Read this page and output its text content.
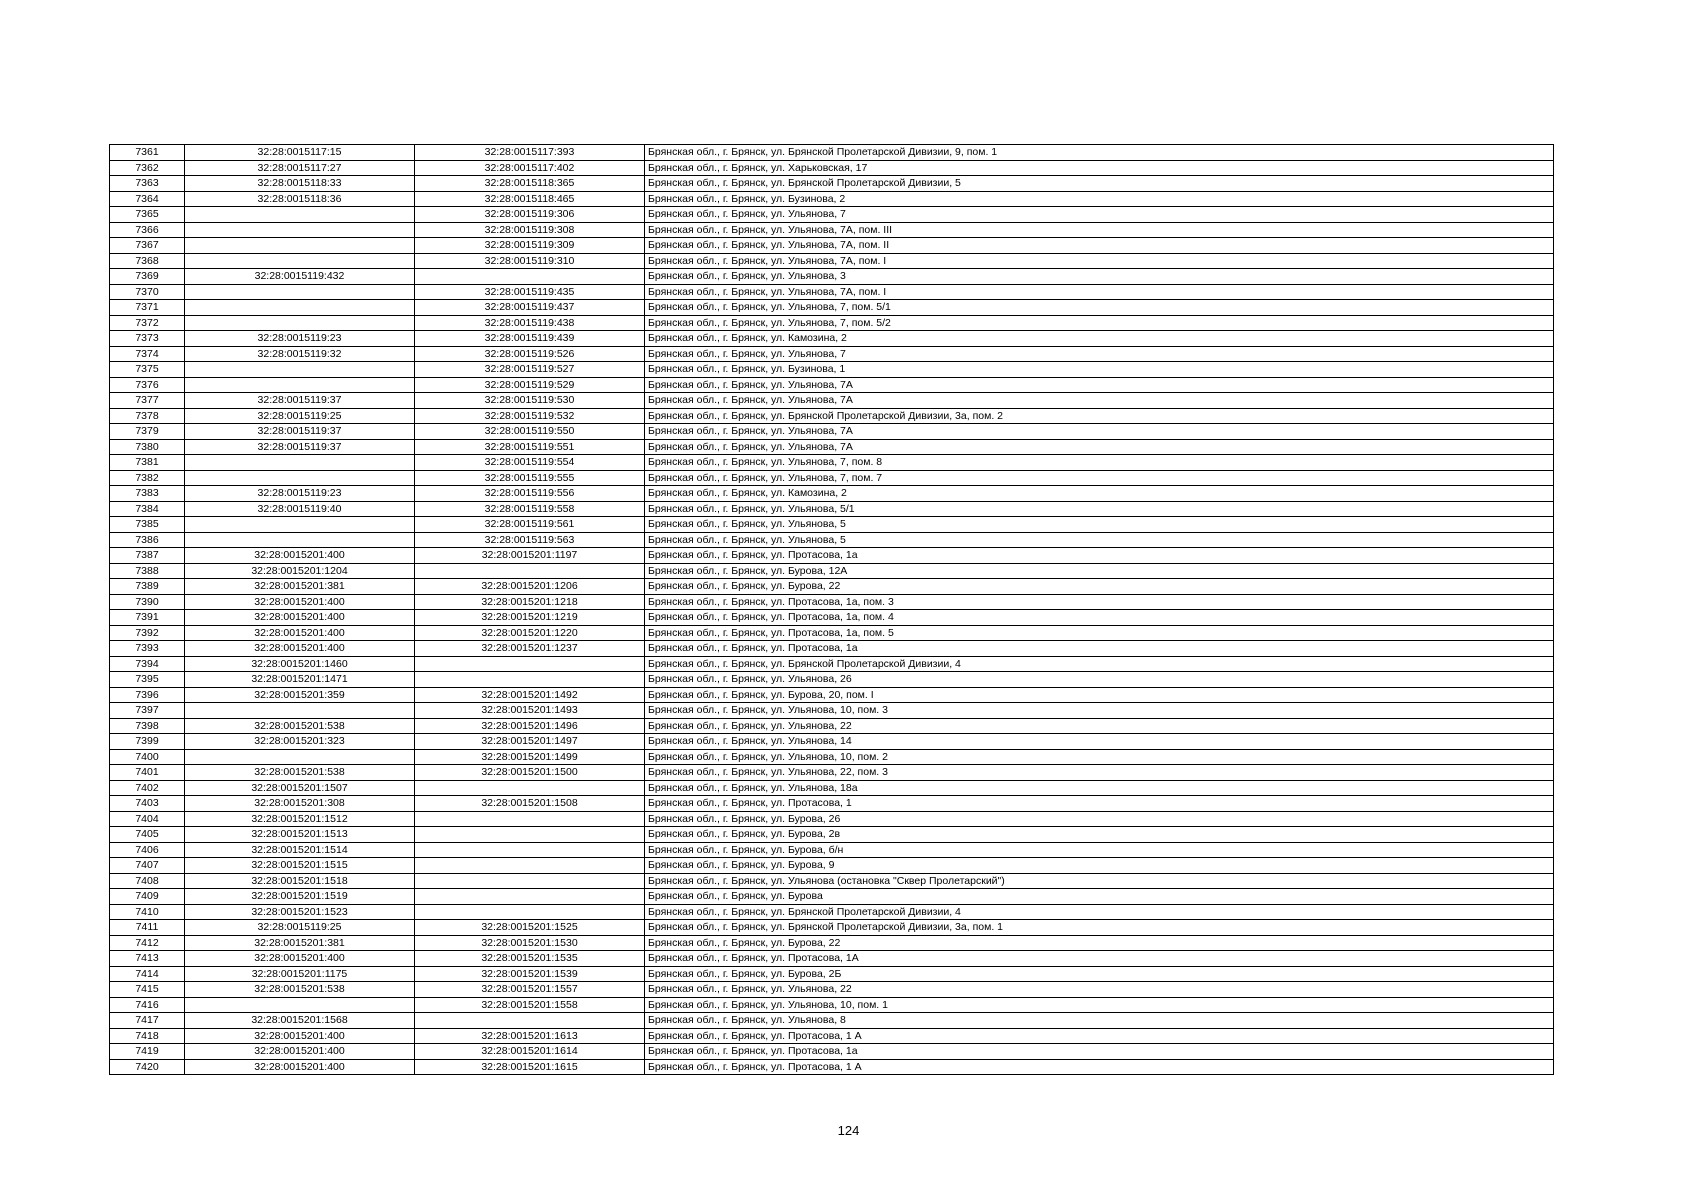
7361	32:28:0015117:15	32:28:0015117:393	Брянская обл., г. Брянск, ул. Брянской Пролетарской Дивизии, 9, пом. 1
7362	32:28:0015117:27	32:28:0015117:402	Брянская обл., г. Брянск, ул. Харьковская, 17
7363	32:28:0015118:33	32:28:0015118:365	Брянская обл., г. Брянск, ул. Брянской Пролетарской Дивизии, 5
7364	32:28:0015118:36	32:28:0015118:465	Брянская обл., г. Брянск, ул. Бузинова, 2
7365		32:28:0015119:306	Брянская обл., г. Брянск, ул. Ульянова, 7
7366		32:28:0015119:308	Брянская обл., г. Брянск, ул. Ульянова, 7А, пом. III
7367		32:28:0015119:309	Брянская обл., г. Брянск, ул. Ульянова, 7А, пом. II
7368		32:28:0015119:310	Брянская обл., г. Брянск, ул. Ульянова, 7А, пом. I
7369	32:28:0015119:432		Брянская обл., г. Брянск, ул. Ульянова, 3
7370		32:28:0015119:435	Брянская обл., г. Брянск, ул. Ульянова, 7А, пом. I
7371		32:28:0015119:437	Брянская обл., г. Брянск, ул. Ульянова, 7, пом. 5/1
7372		32:28:0015119:438	Брянская обл., г. Брянск, ул. Ульянова, 7, пом. 5/2
7373	32:28:0015119:23	32:28:0015119:439	Брянская обл., г. Брянск, ул. Камозина, 2
7374	32:28:0015119:32	32:28:0015119:526	Брянская обл., г. Брянск, ул. Ульянова, 7
7375		32:28:0015119:527	Брянская обл., г. Брянск, ул. Бузинова, 1
7376		32:28:0015119:529	Брянская обл., г. Брянск, ул. Ульянова, 7А
7377	32:28:0015119:37	32:28:0015119:530	Брянская обл., г. Брянск, ул. Ульянова, 7А
7378	32:28:0015119:25	32:28:0015119:532	Брянская обл., г. Брянск, ул. Брянской Пролетарской Дивизии, 3а, пом. 2
7379	32:28:0015119:37	32:28:0015119:550	Брянская обл., г. Брянск, ул. Ульянова, 7А
7380	32:28:0015119:37	32:28:0015119:551	Брянская обл., г. Брянск, ул. Ульянова, 7А
7381		32:28:0015119:554	Брянская обл., г. Брянск, ул. Ульянова, 7, пом. 8
7382		32:28:0015119:555	Брянская обл., г. Брянск, ул. Ульянова, 7, пом. 7
7383	32:28:0015119:23	32:28:0015119:556	Брянская обл., г. Брянск, ул. Камозина, 2
7384	32:28:0015119:40	32:28:0015119:558	Брянская обл., г. Брянск, ул. Ульянова, 5/1
7385		32:28:0015119:561	Брянская обл., г. Брянск, ул. Ульянова, 5
7386		32:28:0015119:563	Брянская обл., г. Брянск, ул. Ульянова, 5
7387	32:28:0015201:400	32:28:0015201:1197	Брянская обл., г. Брянск, ул. Протасова, 1а
7388	32:28:0015201:1204		Брянская обл., г. Брянск, ул. Бурова, 12А
7389	32:28:0015201:381	32:28:0015201:1206	Брянская обл., г. Брянск, ул. Бурова, 22
7390	32:28:0015201:400	32:28:0015201:1218	Брянская обл., г. Брянск, ул. Протасова, 1а, пом. 3
7391	32:28:0015201:400	32:28:0015201:1219	Брянская обл., г. Брянск, ул. Протасова, 1а, пом. 4
7392	32:28:0015201:400	32:28:0015201:1220	Брянская обл., г. Брянск, ул. Протасова, 1а, пом. 5
7393	32:28:0015201:400	32:28:0015201:1237	Брянская обл., г. Брянск, ул. Протасова, 1а
7394	32:28:0015201:1460		Брянская обл., г. Брянск, ул. Брянской Пролетарской Дивизии, 4
7395	32:28:0015201:1471		Брянская обл., г. Брянск, ул. Ульянова, 26
7396	32:28:0015201:359	32:28:0015201:1492	Брянская обл., г. Брянск, ул. Бурова, 20, пом. I
7397		32:28:0015201:1493	Брянская обл., г. Брянск, ул. Ульянова, 10, пом. 3
7398	32:28:0015201:538	32:28:0015201:1496	Брянская обл., г. Брянск, ул. Ульянова, 22
7399	32:28:0015201:323	32:28:0015201:1497	Брянская обл., г. Брянск, ул. Ульянова, 14
7400		32:28:0015201:1499	Брянская обл., г. Брянск, ул. Ульянова, 10, пом. 2
7401	32:28:0015201:538	32:28:0015201:1500	Брянская обл., г. Брянск, ул. Ульянова, 22, пом. 3
7402	32:28:0015201:1507		Брянская обл., г. Брянск, ул. Ульянова, 18а
7403	32:28:0015201:308	32:28:0015201:1508	Брянская обл., г. Брянск, ул. Протасова, 1
7404	32:28:0015201:1512		Брянская обл., г. Брянск, ул. Бурова, 26
7405	32:28:0015201:1513		Брянская обл., г. Брянск, ул. Бурова, 2в
7406	32:28:0015201:1514		Брянская обл., г. Брянск, ул. Бурова, б/н
7407	32:28:0015201:1515		Брянская обл., г. Брянск, ул. Бурова, 9
7408	32:28:0015201:1518		Брянская обл., г. Брянск, ул. Ульянова (остановка "Сквер Пролетарский")
7409	32:28:0015201:1519		Брянская обл., г. Брянск, ул. Бурова
7410	32:28:0015201:1523		Брянская обл., г. Брянск, ул. Брянской Пролетарской Дивизии, 4
7411	32:28:0015119:25	32:28:0015201:1525	Брянская обл., г. Брянск, ул. Брянской Пролетарской Дивизии, 3а, пом. 1
7412	32:28:0015201:381	32:28:0015201:1530	Брянская обл., г. Брянск, ул. Бурова, 22
7413	32:28:0015201:400	32:28:0015201:1535	Брянская обл., г. Брянск, ул. Протасова, 1А
7414	32:28:0015201:1175	32:28:0015201:1539	Брянская обл., г. Брянск, ул. Бурова, 2Б
7415	32:28:0015201:538	32:28:0015201:1557	Брянская обл., г. Брянск, ул. Ульянова, 22
7416		32:28:0015201:1558	Брянская обл., г. Брянск, ул. Ульянова, 10, пом. 1
7417	32:28:0015201:1568		Брянская обл., г. Брянск, ул. Ульянова, 8
7418	32:28:0015201:400	32:28:0015201:1613	Брянская обл., г. Брянск, ул. Протасова, 1 А
7419	32:28:0015201:400	32:28:0015201:1614	Брянская обл., г. Брянск, ул. Протасова, 1а
7420	32:28:0015201:400	32:28:0015201:1615	Брянская обл., г. Брянск, ул. Протасова, 1 А
124
